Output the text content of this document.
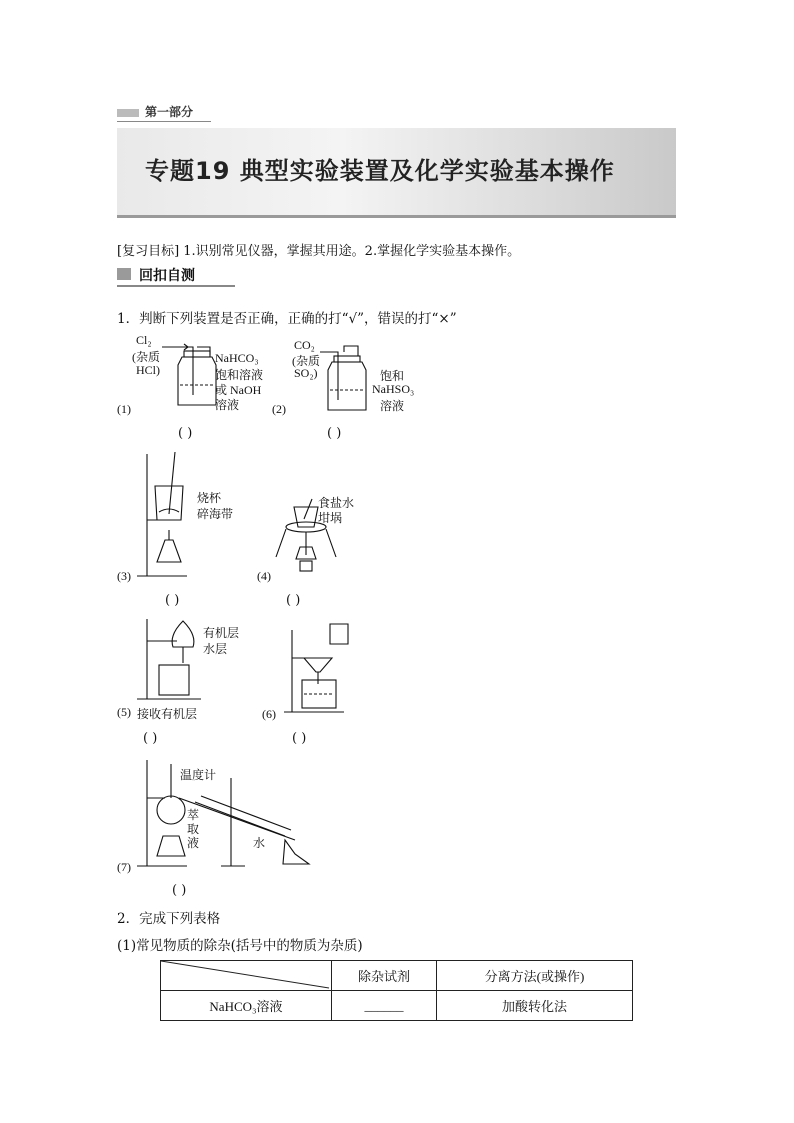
第一部分
专题19 典型实验装置及化学实验基本操作
[复习目标] 1.识别常见仪器，掌握其用途。2.掌握化学实验基本操作。
回扣自测
1．判断下列装置是否正确，正确的打“√”，错误的打“×”
Cl₂
(杂质
HCl)
NaHCO₃
饱和溶液
或 NaOH
溶液
(1)
( )
CO₂
(杂质
SO₂)	饱和
NaHSO₃
溶液
(2)
( )
烧杯
碎海带
(3)
( )
食盐水
坩埚
(4)
( )
有机层
水层
(5) 接收有机层
( )
(6)
( )
温度计
萃
取
液	水
(7)
( )
2．完成下列表格
(1)常见物质的除杂(括号中的物质为杂质)
	除杂试剂	分离方法(或操作)
NaHCO₃溶液	______	加酸转化法
